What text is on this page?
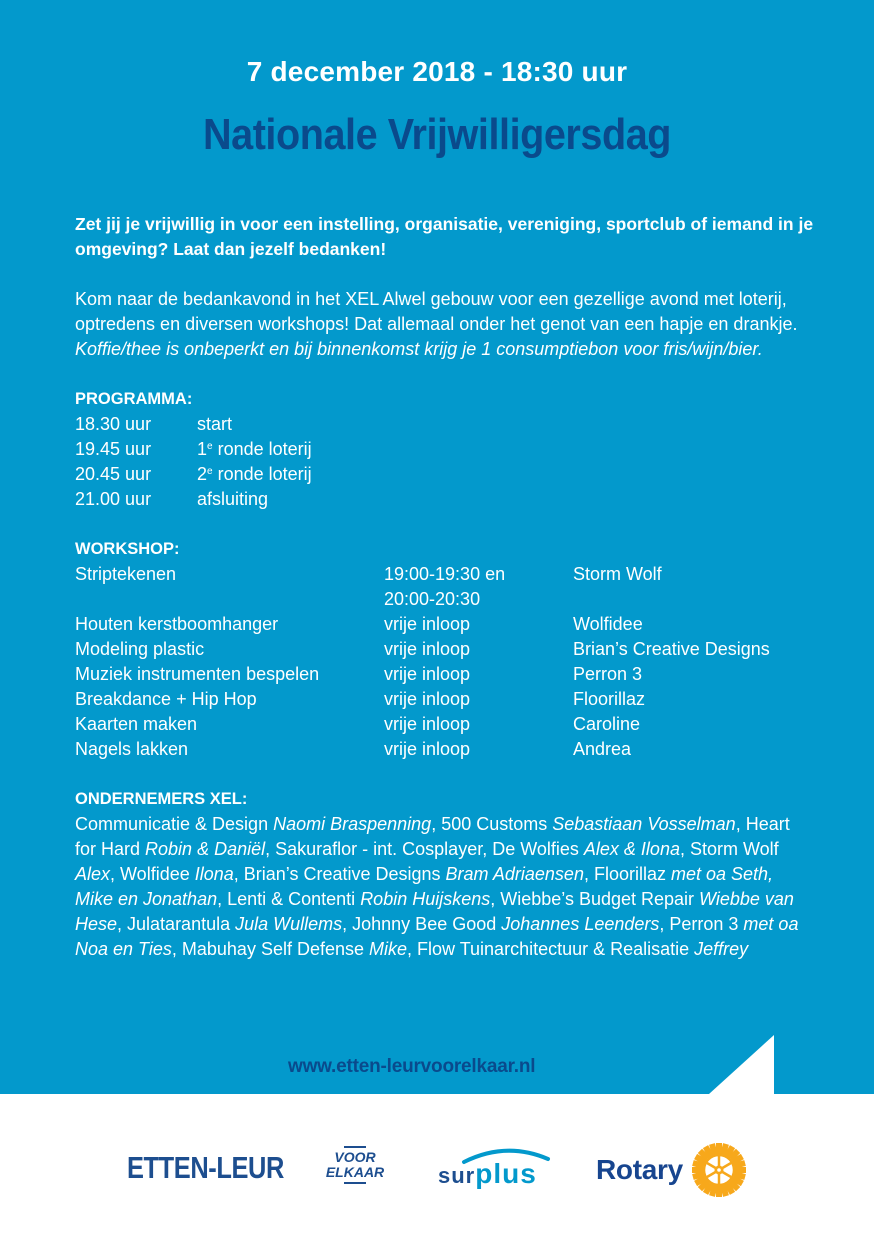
7 december 2018 - 18:30 uur
Nationale Vrijwilligersdag

Zet jij je vrijwillig in voor een instelling, organisatie, vereniging, sportclub of iemand in je omgeving? Laat dan jezelf bedanken!

Kom naar de bedankavond in het XEL Alwel gebouw voor een gezellige avond met loterij, optredens en diversen workshops! Dat allemaal onder het genot van een hapje en drankje. Koffie/thee is onbeperkt en bij binnenkomst krijg je 1 consumptiebon voor fris/wijn/bier.

PROGRAMMA:

18.30 uur	start
19.45 uur	1e ronde loterij
20.45 uur	2e ronde loterij
21.00 uur	afsluiting

WORKSHOP:

Striptekenen	19:00-19:30 en	Storm Wolf
20:00-20:30
Houten kerstboomhanger	vrije inloop	Wolfidee
Modeling plastic	vrije inloop	Brian’s Creative Designs
Muziek instrumenten bespelen	vrije inloop	Perron 3
Breakdance + Hip Hop	vrije inloop	Floorillaz
Kaarten maken	vrije inloop	Caroline
Nagels lakken	vrije inloop	Andrea

ONDERNEMERS XEL:

Communicatie & Design Naomi Braspenning, 500 Customs Sebastiaan Vosselman, Heart for Hard Robin & Daniël, Sakuraflor - int. Cosplayer, De Wolfies Alex & Ilona, Storm Wolf Alex, Wolfidee Ilona, Brian’s Creative Designs Bram Adriaensen, Floorillaz met oa Seth, Mike en Jonathan, Lenti & Contenti Robin Huijskens, Wiebbe’s Budget Repair Wiebbe van Hese, Julatarantula Jula Wullems, Johnny Bee Good Johannes Leenders, Perron 3 met oa Noa en Ties, Mabuhay Self Defense Mike, Flow Tuinarchitectuur & Realisatie Jeffrey

www.etten-leurvoorelkaar.nl
ETTEN-LEUR	VOOR
ELKAAR surplus Rotary
